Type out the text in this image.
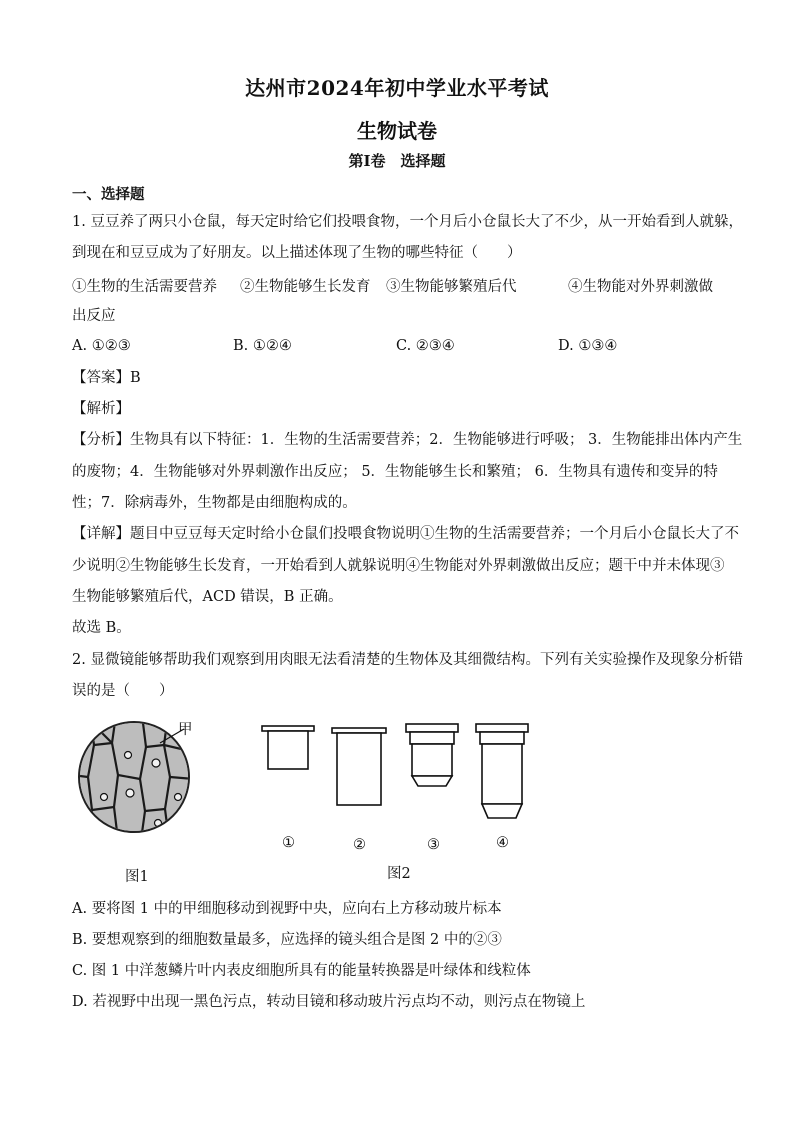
达州市2024年初中学业水平考试
生物试卷
第Ⅰ卷　选择题
一、选择题
1. 豆豆养了两只小仓鼠，每天定时给它们投喂食物，一个月后小仓鼠长大了不少，从一开始看到人就躲，
到现在和豆豆成为了好朋友。以上描述体现了生物的哪些特征（　　）
①生物的生活需要营养 ②生物能够生长发育 ③生物能够繁殖后代	④生物能对外界刺激做
出反应
A. ①②③	B. ①②④	C. ②③④	D. ①③④
【答案】B
【解析】
【分析】生物具有以下特征：1．生物的生活需要营养；2．生物能够进行呼吸； 3．生物能排出体内产生
的废物；4．生物能够对外界刺激作出反应； 5．生物能够生长和繁殖； 6．生物具有遗传和变异的特
性；7．除病毒外，生物都是由细胞构成的。
【详解】题目中豆豆每天定时给小仓鼠们投喂食物说明①生物的生活需要营养；一个月后小仓鼠长大了不
少说明②生物能够生长发育，一开始看到人就躲说明④生物能对外界刺激做出反应；题干中并未体现③
生物能够繁殖后代，ACD 错误，B 正确。
故选 B。
2. 显微镜能够帮助我们观察到用肉眼无法看清楚的生物体及其细微结构。下列有关实验操作及现象分析错
误的是（　　）
甲
图1
①	②	③	④
图2
A. 要将图 1 中的甲细胞移动到视野中央，应向右上方移动玻片标本
B. 要想观察到的细胞数量最多，应选择的镜头组合是图 2 中的②③
C. 图 1 中洋葱鳞片叶内表皮细胞所具有的能量转换器是叶绿体和线粒体
D. 若视野中出现一黑色污点，转动目镜和移动玻片污点均不动，则污点在物镜上
